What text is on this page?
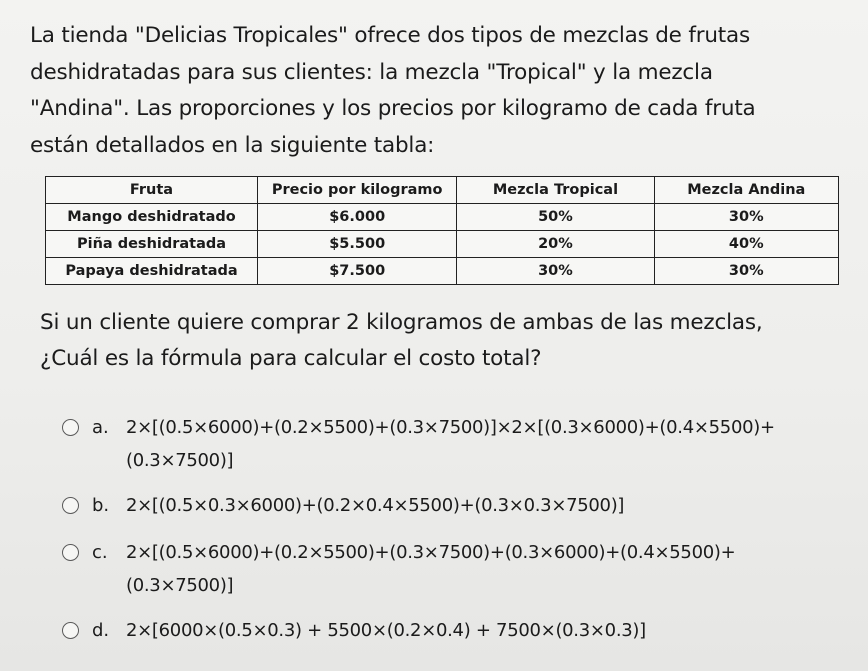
La tienda "Delicias Tropicales" ofrece dos tipos de mezclas de frutas
deshidratadas para sus clientes: la mezcla "Tropical" y la mezcla
"Andina". Las proporciones y los precios por kilogramo de cada fruta
están detallados en la siguiente tabla:

Fruta	Precio por kilogramo	Mezcla Tropical	Mezcla Andina
Mango deshidratado	$6.000	50%	30%
Piña deshidratada	$5.500	20%	40%
Papaya deshidratada	$7.500	30%	30%

Si un cliente quiere comprar 2 kilogramos de ambas de las mezclas,
¿Cuál es la fórmula para calcular el costo total?

a. 2×[(0.5×6000)+(0.2×5500)+(0.3×7500)]×2×[(0.3×6000)+(0.4×5500)+
(0.3×7500)]
b. 2×[(0.5×0.3×6000)+(0.2×0.4×5500)+(0.3×0.3×7500)]
c.	2×[(0.5×6000)+(0.2×5500)+(0.3×7500)+(0.3×6000)+(0.4×5500)+
(0.3×7500)]
d. 2×[6000×(0.5×0.3) + 5500×(0.2×0.4) + 7500×(0.3×0.3)]
